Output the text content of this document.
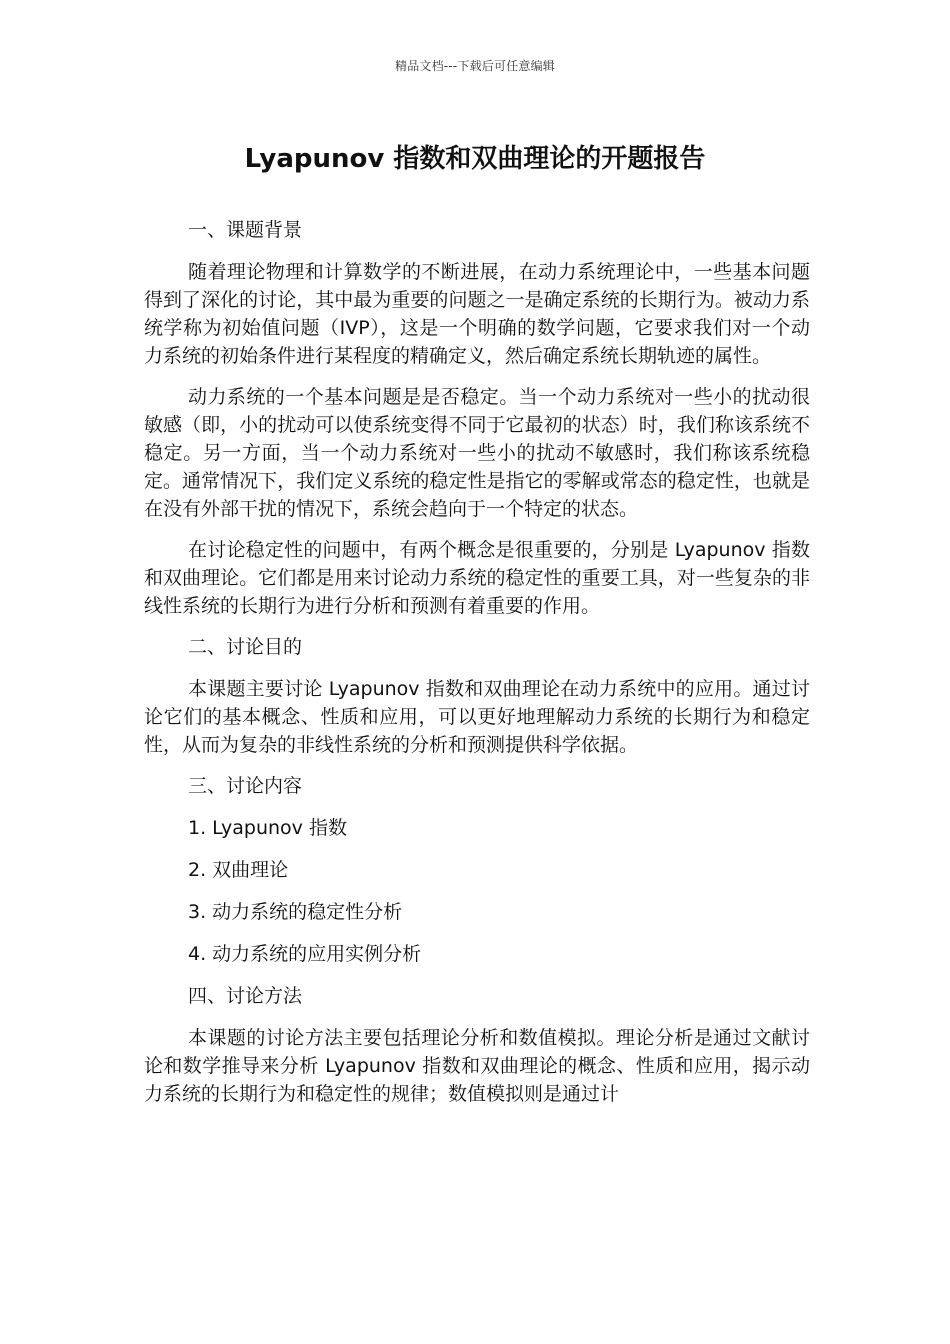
精品文档---下载后可任意编辑
Lyapunov 指数和双曲理论的开题报告
一、课题背景

随着理论物理和计算数学的不断进展，在动力系统理论中，一些基本问题得到了深化的讨论，其中最为重要的问题之一是确定系统的长期行为。被动力系统学称为初始值问题（IVP），这是一个明确的数学问题，它要求我们对一个动力系统的初始条件进行某程度的精确定义，然后确定系统长期轨迹的属性。

动力系统的一个基本问题是是否稳定。当一个动力系统对一些小的扰动很敏感（即，小的扰动可以使系统变得不同于它最初的状态）时，我们称该系统不稳定。另一方面，当一个动力系统对一些小的扰动不敏感时，我们称该系统稳定。通常情况下，我们定义系统的稳定性是指它的零解或常态的稳定性，也就是在没有外部干扰的情况下，系统会趋向于一个特定的状态。

在讨论稳定性的问题中，有两个概念是很重要的，分别是 Lyapunov 指数和双曲理论。它们都是用来讨论动力系统的稳定性的重要工具，对一些复杂的非线性系统的长期行为进行分析和预测有着重要的作用。

二、讨论目的

本课题主要讨论 Lyapunov 指数和双曲理论在动力系统中的应用。通过讨论它们的基本概念、性质和应用，可以更好地理解动力系统的长期行为和稳定性，从而为复杂的非线性系统的分析和预测提供科学依据。

三、讨论内容
1. Lyapunov 指数
2. 双曲理论
3. 动力系统的稳定性分析
4. 动力系统的应用实例分析
四、讨论方法

本课题的讨论方法主要包括理论分析和数值模拟。理论分析是通过文献讨论和数学推导来分析 Lyapunov 指数和双曲理论的概念、性质和应用，揭示动力系统的长期行为和稳定性的规律；数值模拟则是通过计
